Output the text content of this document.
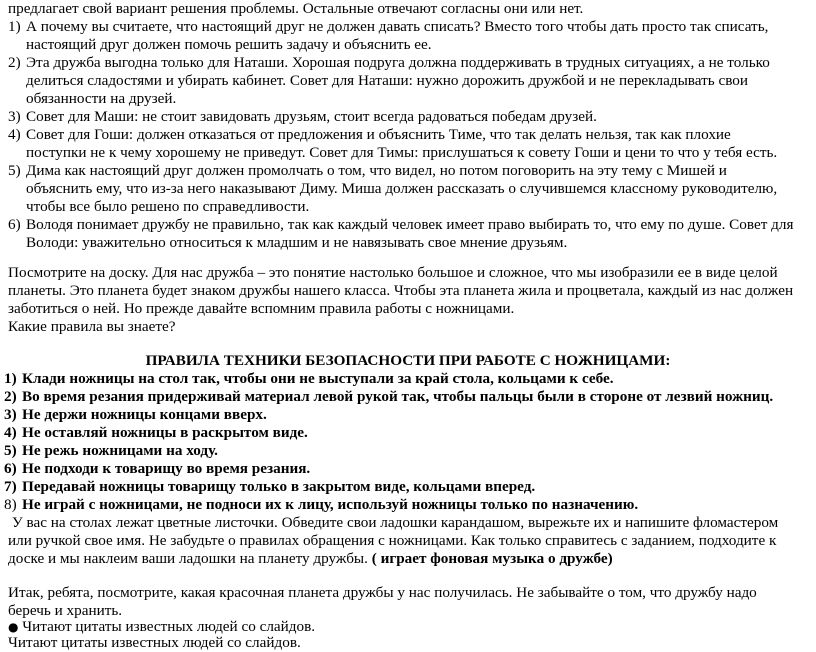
предлагает свой вариант решения проблемы. Остальные отвечают согласны они или нет.
1) А почему вы считаете, что настоящий друг не должен давать списать? Вместо того чтобы дать просто так списать,
настоящий друг должен помочь решить задачу и объяснить ее.
2) Эта дружба выгодна только для Наташи. Хорошая подруга должна поддерживать в трудных ситуациях, а не только
делиться сладостями и убирать кабинет. Совет для Наташи: нужно дорожить дружбой и не перекладывать свои
обязанности на друзей.
3) Совет для Маши: не стоит завидовать друзьям, стоит всегда радоваться победам друзей.
4) Совет для Гоши: должен отказаться от предложения и объяснить Тиме, что так делать нельзя, так как плохие
поступки не к чему хорошему не приведут. Совет для Тимы: прислушаться к совету Гоши и цени то что у тебя есть.
5) Дима как настоящий друг должен промолчать о том, что видел, но потом поговорить на эту тему с Мишей и
объяснить ему, что из-за него наказывают Диму. Миша должен рассказать о случившемся классному руководителю,
чтобы все было решено по справедливости.
6) Володя понимает дружбу не правильно, так как каждый человек имеет право выбирать то, что ему по душе. Совет для
Володи: уважительно относиться к младшим и не навязывать свое мнение друзьям.
Посмотрите на доску. Для нас дружба – это понятие настолько большое и сложное, что мы изобразили ее в виде целой
планеты. Это планета будет знаком дружбы нашего класса. Чтобы эта планета жила и процветала, каждый из нас должен
заботиться о ней. Но прежде давайте вспомним правила работы с ножницами.
Какие правила вы знаете?
ПРАВИЛА ТЕХНИКИ БЕЗОПАСНОСТИ ПРИ РАБОТЕ С НОЖНИЦАМИ:
1) Клади ножницы на стол так, чтобы они не выступали за край стола, кольцами к себе.
2) Во время резания придерживай материал левой рукой так, чтобы пальцы были в стороне от лезвий ножниц.
3) Не держи ножницы концами вверх.
4) Не оставляй ножницы в раскрытом виде.
5) Не режь ножницами на ходу.
6) Не подходи к товарищу во время резания.
7) Передавай ножницы товарищу только в закрытом виде, кольцами вперед.
8) Не играй с ножницами, не подноси их к лицу, используй ножницы только по назначению.
У вас на столах лежат цветные листочки. Обведите свои ладошки карандашом, вырежьте их и напишите фломастером
или ручкой свое имя. Не забудьте о правилах обращения с ножницами. Как только справитесь с заданием, подходите к
доске и мы наклеим ваши ладошки на планету дружбы. ( играет фоновая музыка о дружбе)
Итак, ребята, посмотрите, какая красочная планета дружбы у нас получилась. Не забывайте о том, что дружбу надо
беречь и хранить.
● Читают цитаты известных людей со слайдов.
Читают цитаты известных людей со слайдов.
